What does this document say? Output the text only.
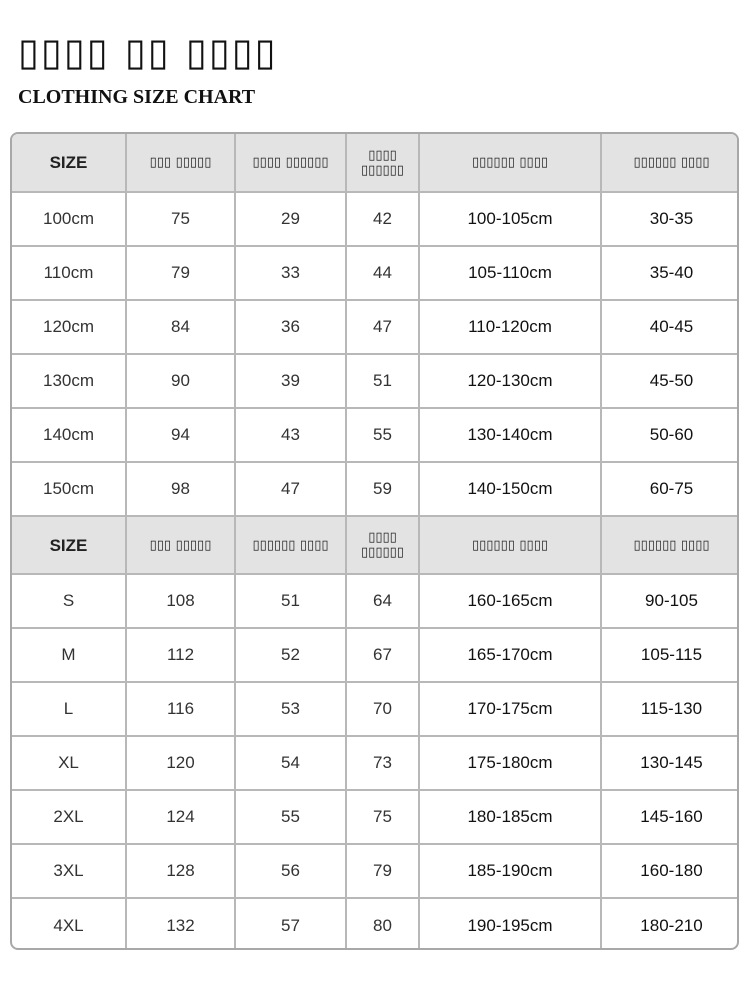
▯▯▯▯ ▯▯ ▯▯▯▯
CLOTHING SIZE CHART
SIZE	▯▯▯ ▯▯▯▯▯	▯▯▯▯ ▯▯▯▯▯▯	▯▯▯▯ ▯▯▯▯▯▯	▯▯▯▯▯▯ ▯▯▯▯	▯▯▯▯▯▯ ▯▯▯▯
100cm	75	29	42	100-105cm	30-35
110cm	79	33	44	105-110cm	35-40
120cm	84	36	47	110-120cm	40-45
130cm	90	39	51	120-130cm	45-50
140cm	94	43	55	130-140cm	50-60
150cm	98	47	59	140-150cm	60-75
SIZE	▯▯▯ ▯▯▯▯▯	▯▯▯▯▯▯ ▯▯▯▯	▯▯▯▯ ▯▯▯▯▯▯	▯▯▯▯▯▯ ▯▯▯▯	▯▯▯▯▯▯ ▯▯▯▯
S	108	51	64	160-165cm	90-105
M	112	52	67	165-170cm	105-115
L	116	53	70	170-175cm	115-130
XL	120	54	73	175-180cm	130-145
2XL	124	55	75	180-185cm	145-160
3XL	128	56	79	185-190cm	160-180
4XL	132	57	80	190-195cm	180-210
